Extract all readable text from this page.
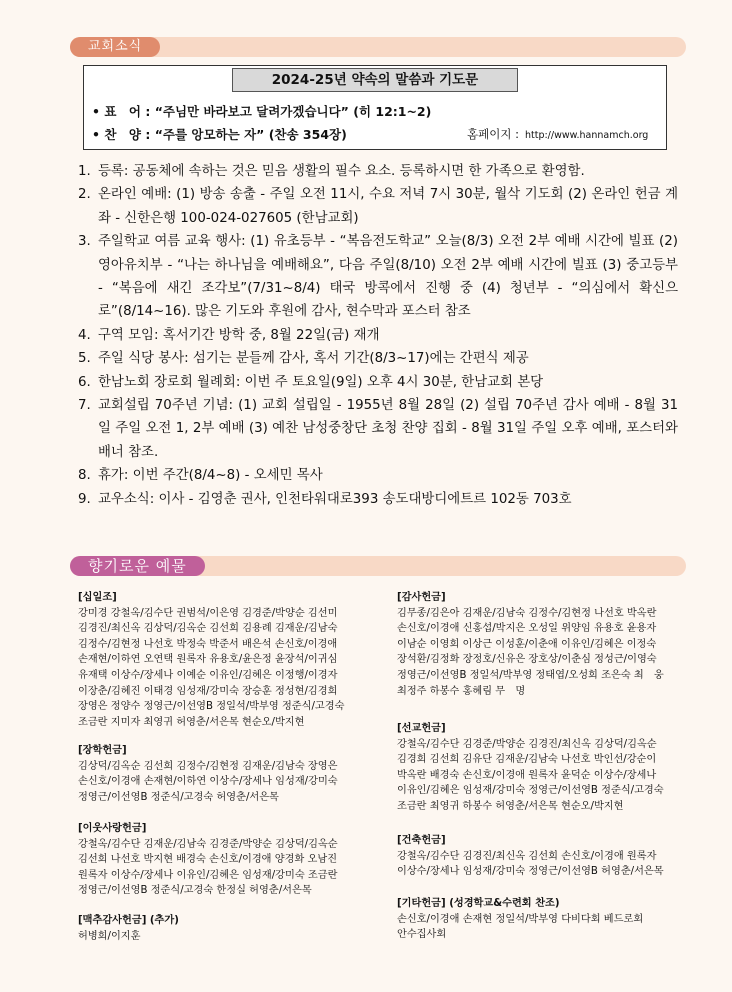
교회소식
2024-25년 약속의 말씀과 기도문
• 표　어 : “주님만 바라보고 달려가겠습니다” (히 12:1~2)
• 찬　양 : “주를 앙모하는 자” (찬송 354장)	홈페이지 : http://www.hannamch.org
1. 등록: 공동체에 속하는 것은 믿음 생활의 필수 요소. 등록하시면 한 가족으로 환영함.
2. 온라인 예배: (1) 방송 송출 - 주일 오전 11시, 수요 저녁 7시 30분, 월삭 기도회 (2) 온라인 헌금 계좌 - 신한은행 100-024-027605 (한남교회)
3. 주일학교 여름 교육 행사: (1) 유초등부 - “복음전도학교” 오늘(8/3) 오전 2부 예배 시간에 빌표 (2) 영아유치부 - “나는 하나님을 예배해요”, 다음 주일(8/10) 오전 2부 예배 시간에 빌표 (3) 중고등부 - “복음에 새긴 조각보”(7/31~8/4) 태국 방콕에서 진행 중 (4) 청년부 - “의심에서 확신으로”(8/14~16). 많은 기도와 후원에 감사, 현수막과 포스터 참조
4. 구역 모임: 혹서기간 방학 중, 8월 22일(금) 재개
5. 주일 식당 봉사: 섬기는 분들께 감사, 혹서 기간(8/3~17)에는 간편식 제공
6. 한남노회 장로회 월례회: 이번 주 토요일(9일) 오후 4시 30분, 한남교회 본당
7. 교회설립 70주년 기념: (1) 교회 설립일 - 1955년 8월 28일 (2) 설립 70주년 감사 예배 - 8월 31일 주일 오전 1, 2부 예배 (3) 예찬 남성중창단 초청 찬양 집회 - 8월 31일 주일 오후 예배, 포스터와 배너 참조.
8. 휴가: 이번 주간(8/4~8) - 오세민 목사
9. 교우소식: 이사 - 김영춘 권사, 인천타워대로393 송도대방디에트르 102동 703호
향기로운 예물
[십일조]
강미경 강철옥/김수단 권범석/이은영 김경준/박양순 김선미
김경진/최신옥 김상덕/김옥순 김선희 김용례 김재운/김남숙
김정수/김현정 나선호 박정숙 박준서 배은석 손신호/이경애
손재현/이하연 오연택 원록자 유용호/윤은정 윤장석/이귀심
유재택 이상수/장세나 이예순 이유인/김혜은 이정행/이경자
이장춘/김혜진 이태경 임성재/강미숙 장승훈 정성현/김경희
장영은 정양수 정영근/이선영B 정일석/박부영 정준식/고경숙
조금란 지미자 최영귀 허영춘/서은목 현순오/박지현
[장학헌금]
김상덕/김옥순 김선희 김정수/김현정 김재운/김남숙 장영은
손신호/이경애 손재현/이하연 이상수/장세나 임성재/강미숙
정영근/이선영B 정준식/고경숙 허영춘/서은목
[이웃사랑헌금]
강철옥/김수단 김재운/김남숙 김경준/박양순 김상덕/김옥순
김선희 나선호 박지현 배경숙 손신호/이경애 양경화 오남진
원록자 이상수/장세나 이유인/김혜은 임성재/강미숙 조금란
정영근/이선영B 정준식/고경숙 한정실 허영춘/서은목
[맥추감사헌금] (추가)
허병희/이지훈
[감사헌금]
김무종/김은아 김재운/김남숙 김정수/김현정 나선호 박옥란
손신호/이경애 신홍섭/박지은 오성일 위양임 유용호 윤용자
이남순 이영희 이상근 이성훈/이춘애 이유인/김혜은 이정숙
장석환/김정화 장정호/신유은 장호상/이춘심 정성근/이영숙
정영근/이선영B 정일석/박부영 정태엽/오성희 조은숙 최　웅
최정주 하봉수 홍혜림 무　명
[선교헌금]
강철옥/김수단 김경준/박양순 김경진/최신옥 김상덕/김옥순
김경희 김선희 김유단 김재운/김남숙 나선호 박인선/강순이
박옥란 배경숙 손신호/이경애 원록자 윤덕순 이상수/장세나
이유인/김혜은 임성재/강미숙 정영근/이선영B 정준식/고경숙
조금란 최영귀 하봉수 허영춘/서은목 현순오/박지현
[건축헌금]
강철옥/김수단 김경진/최신옥 김선희 손신호/이경애 원록자
이상수/장세나 임성재/강미숙 정영근/이선영B 허영춘/서은목
[기타헌금] (성경학교&수련회 찬조)
손신호/이경애 손재현 정일석/박부영 다비다회 베드로회
안수집사회
